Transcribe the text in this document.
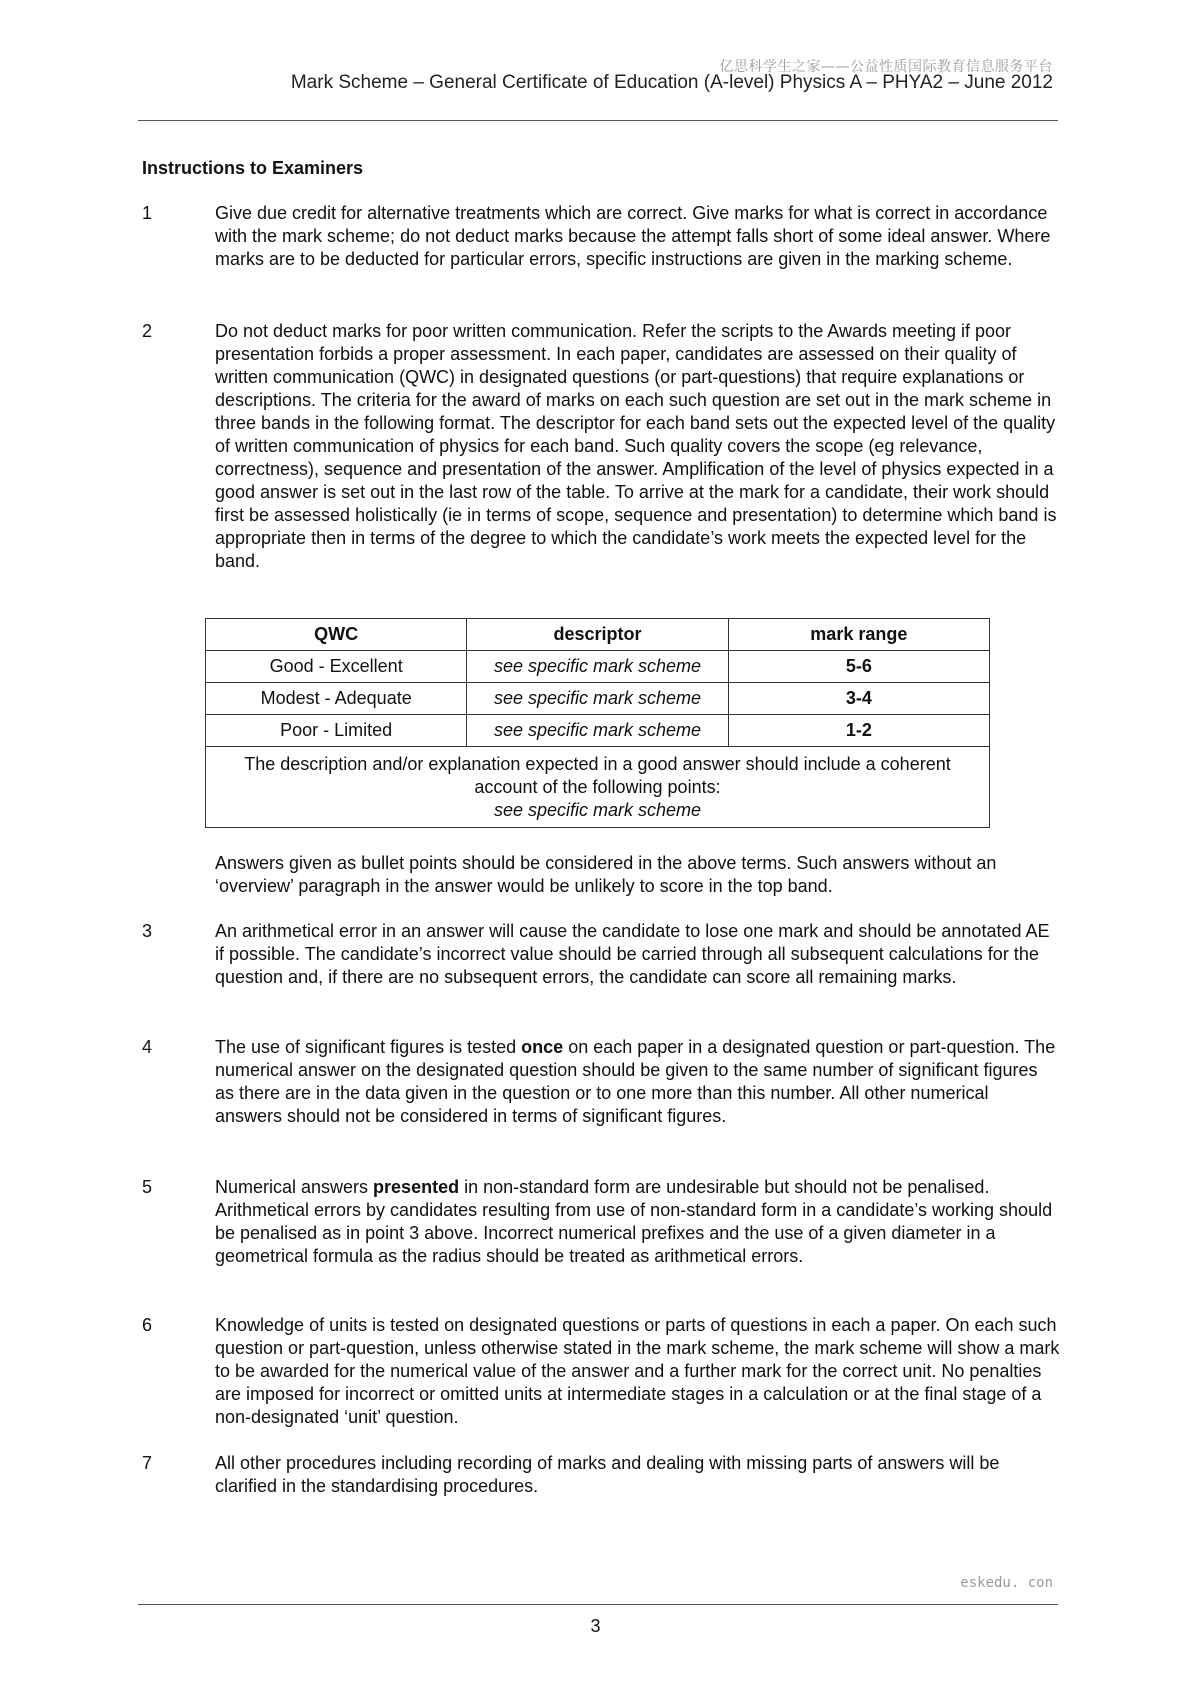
亿思科学生之家——公益性质国际教育信息服务平台
Mark Scheme – General Certificate of Education (A-level) Physics A – PHYA2 – June 2012
Instructions to Examiners
1	Give due credit for alternative treatments which are correct. Give marks for what is correct in accordance with the mark scheme; do not deduct marks because the attempt falls short of some ideal answer. Where marks are to be deducted for particular errors, specific instructions are given in the marking scheme.
2	Do not deduct marks for poor written communication. Refer the scripts to the Awards meeting if poor presentation forbids a proper assessment. In each paper, candidates are assessed on their quality of written communication (QWC) in designated questions (or part-questions) that require explanations or descriptions. The criteria for the award of marks on each such question are set out in the mark scheme in three bands in the following format. The descriptor for each band sets out the expected level of the quality of written communication of physics for each band. Such quality covers the scope (eg relevance, correctness), sequence and presentation of the answer. Amplification of the level of physics expected in a good answer is set out in the last row of the table. To arrive at the mark for a candidate, their work should first be assessed holistically (ie in terms of scope, sequence and presentation) to determine which band is appropriate then in terms of the degree to which the candidate’s work meets the expected level for the band.
QWC	descriptor	mark range
Good - Excellent	see specific mark scheme	5-6
Modest - Adequate	see specific mark scheme	3-4
Poor - Limited	see specific mark scheme	1-2

The description and/or explanation expected in a good answer should include a coherent account of the following points:
see specific mark scheme		
Answers given as bullet points should be considered in the above terms. Such answers without an ‘overview’ paragraph in the answer would be unlikely to score in the top band.
3	An arithmetical error in an answer will cause the candidate to lose one mark and should be annotated AE if possible. The candidate’s incorrect value should be carried through all subsequent calculations for the question and, if there are no subsequent errors, the candidate can score all remaining marks.
4	The use of significant figures is tested once on each paper in a designated question or part-question. The numerical answer on the designated question should be given to the same number of significant figures as there are in the data given in the question or to one more than this number. All other numerical answers should not be considered in terms of significant figures.
5	Numerical answers presented in non-standard form are undesirable but should not be penalised. Arithmetical errors by candidates resulting from use of non-standard form in a candidate’s working should be penalised as in point 3 above. Incorrect numerical prefixes and the use of a given diameter in a geometrical formula as the radius should be treated as arithmetical errors.
6	Knowledge of units is tested on designated questions or parts of questions in each a paper. On each such question or part-question, unless otherwise stated in the mark scheme, the mark scheme will show a mark to be awarded for the numerical value of the answer and a further mark for the correct unit. No penalties are imposed for incorrect or omitted units at intermediate stages in a calculation or at the final stage of a non-designated ‘unit’ question.
7	All other procedures including recording of marks and dealing with missing parts of answers will be clarified in the standardising procedures.
eskedu. con
3
